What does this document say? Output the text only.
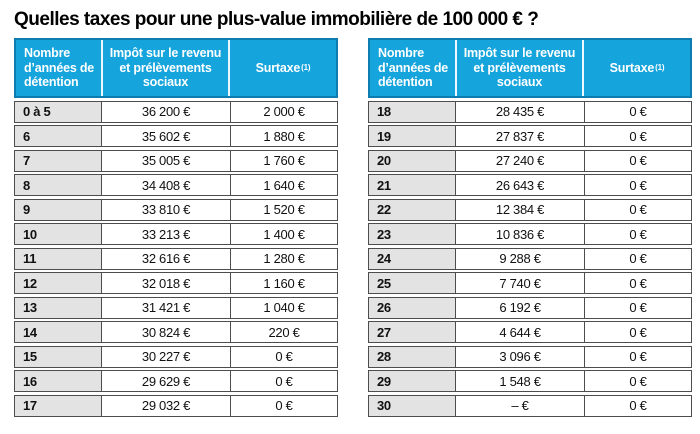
Quelles taxes pour une plus-value immobilière de 100 000 € ?
Nombre d’années de détention
Impôt sur le revenu et prélèvements sociaux
Surtaxe (1)
0 à 5	36 200 €	2 000 €
6	35 602 €	1 880 €
7	35 005 €	1 760 €
8	34 408 €	1 640 €
9	33 810 €	1 520 €
10	33 213 €	1 400 €
11	32 616 €	1 280 €
12	32 018 €	1 160 €
13	31 421 €	1 040 €
14	30 824 €	220 €
15	30 227 €	0 €
16	29 629 €	0 €
17	29 032 €	0 €
Nombre d’années de détention
Impôt sur le revenu et prélèvements sociaux
Surtaxe (1)
18	28 435 €	0 €
19	27 837 €	0 €
20	27 240 €	0 €
21	26 643 €	0 €
22	12 384 €	0 €
23	10 836 €	0 €
24	9 288 €	0 €
25	7 740 €	0 €
26	6 192 €	0 €
27	4 644 €	0 €
28	3 096 €	0 €
29	1 548 €	0 €
30	– €	0 €
